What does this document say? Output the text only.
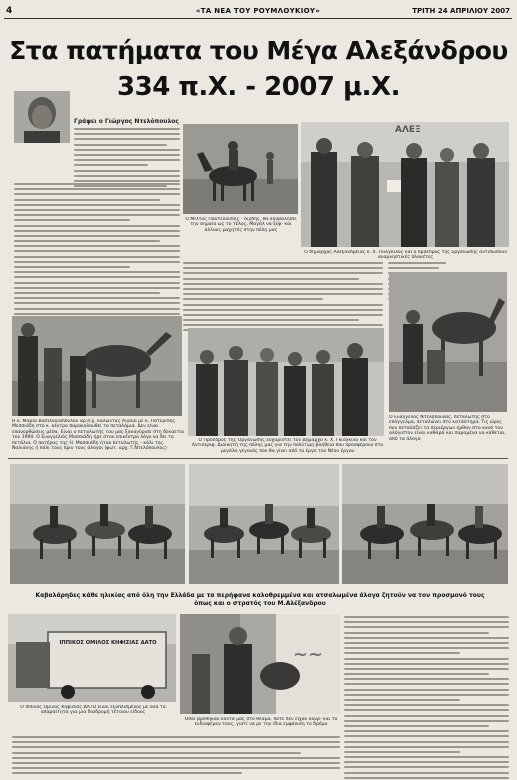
4	«ΤΑ ΝΕΑ ΤΟΥ ΡΟΥΜΛΟΥΚΙΟΥ»	ΤΡΙΤΗ 24 ΑΠΡΙΛΙΟΥ 2007
Στα πατήματα του Μέγα Αλεξάνδρου
334 π.Χ. - 2007 μ.Χ.
Γράφει ο Γιώργος Ντελόπουλος
Ο Μίλτος Παντελούδης - Λιγδής, θα κουβαλήσει την σημαία ως το τέλος, Μαγάλ να ξεφ- και άλλους μαχητές στην πόλη μας
ΑΛΕΞ
Ο δήμαρχος Αλεξάνδρειας κ. Χ. Γκιόγκιλος και ο πρόεδρος της οργάνωσης αντιδώσουν αναμνηστικές πλακέτες
Η κ. Μαρία Βασίλογιαπούλου αρ.π.χ. καλώντας Αιγαίο με κ. Πατερίδης Μεσσιάδη στο κ. κέντρο παρακολουθεί τα πεταλάμιά. Δεν είναι επανορθώσεις μέσα. Είναι ο πεταλωτής του μας ξαναγύρισε στη δεκαετία του 1990. Ο Ευαγγελιός Μοσσιάδη ήρε στον επικέντρο λόγο να δει τα πετάλια. Ο πατέρας της Η. Μοσσιάδη ήταν πεταλωτής - κάλι της. Ναλιάνης ή πάλι τους πριν τους άλογοι (φωτ. αρχ. Γ.Ντελόπουλος)
Ο Πρόεδρος της Οργάνωσης ευχαριστεί τον Δήμαρχο κ. Χ. Γκιόγκιλο και τον Αντιπεριφ. Διοικητή της πόλης μας για την πολύτιμη βοήθεια που προσφέρουν στο μεγάλο γεγονός που θα γίνει από το έργο του Νέου έργου
Ο Ευάγγελος Ντελόπουλος, πεταλωτής στο επάγγελμα, πεταλώνει στο κατάστημα. Τις ώρες που πεταλάζει τα περιέργων ήρθαν στο κανό τον αλόγιστον είναι καθαρά και παραμένα να κάθεται, από τα άλογα
Καβαλάρηδες κάθε ηλικίας από όλη την Ελλάδα με τα περήφανα καλοθρεμμένα και ατσαλωμένα άλογα ζητούν να τον πρoσμονό τους όπως και ο στρατός του Μ.Αλέξανδρου
ΙΠΠΙΚΟΣ ΟΜΙΛΟΣ ΚΗΦΙΣΙΑΣ ΔΑΤΟ
Ο Ιππικός Όμιλος Κηφισιάς ΔΑΤΟ είναι εξοπλισμένος με όλα τα απαραίτητα για μια διαδρομή τέτοιου είδους
~~
Όσοι βρέθηκαν κοντά μας στο θέαμα, ποτέ δεν είχαν κουρ- και το ενδιαφέρον τους, γιατί να με την ίδια εμφάνιση το δρόμο
